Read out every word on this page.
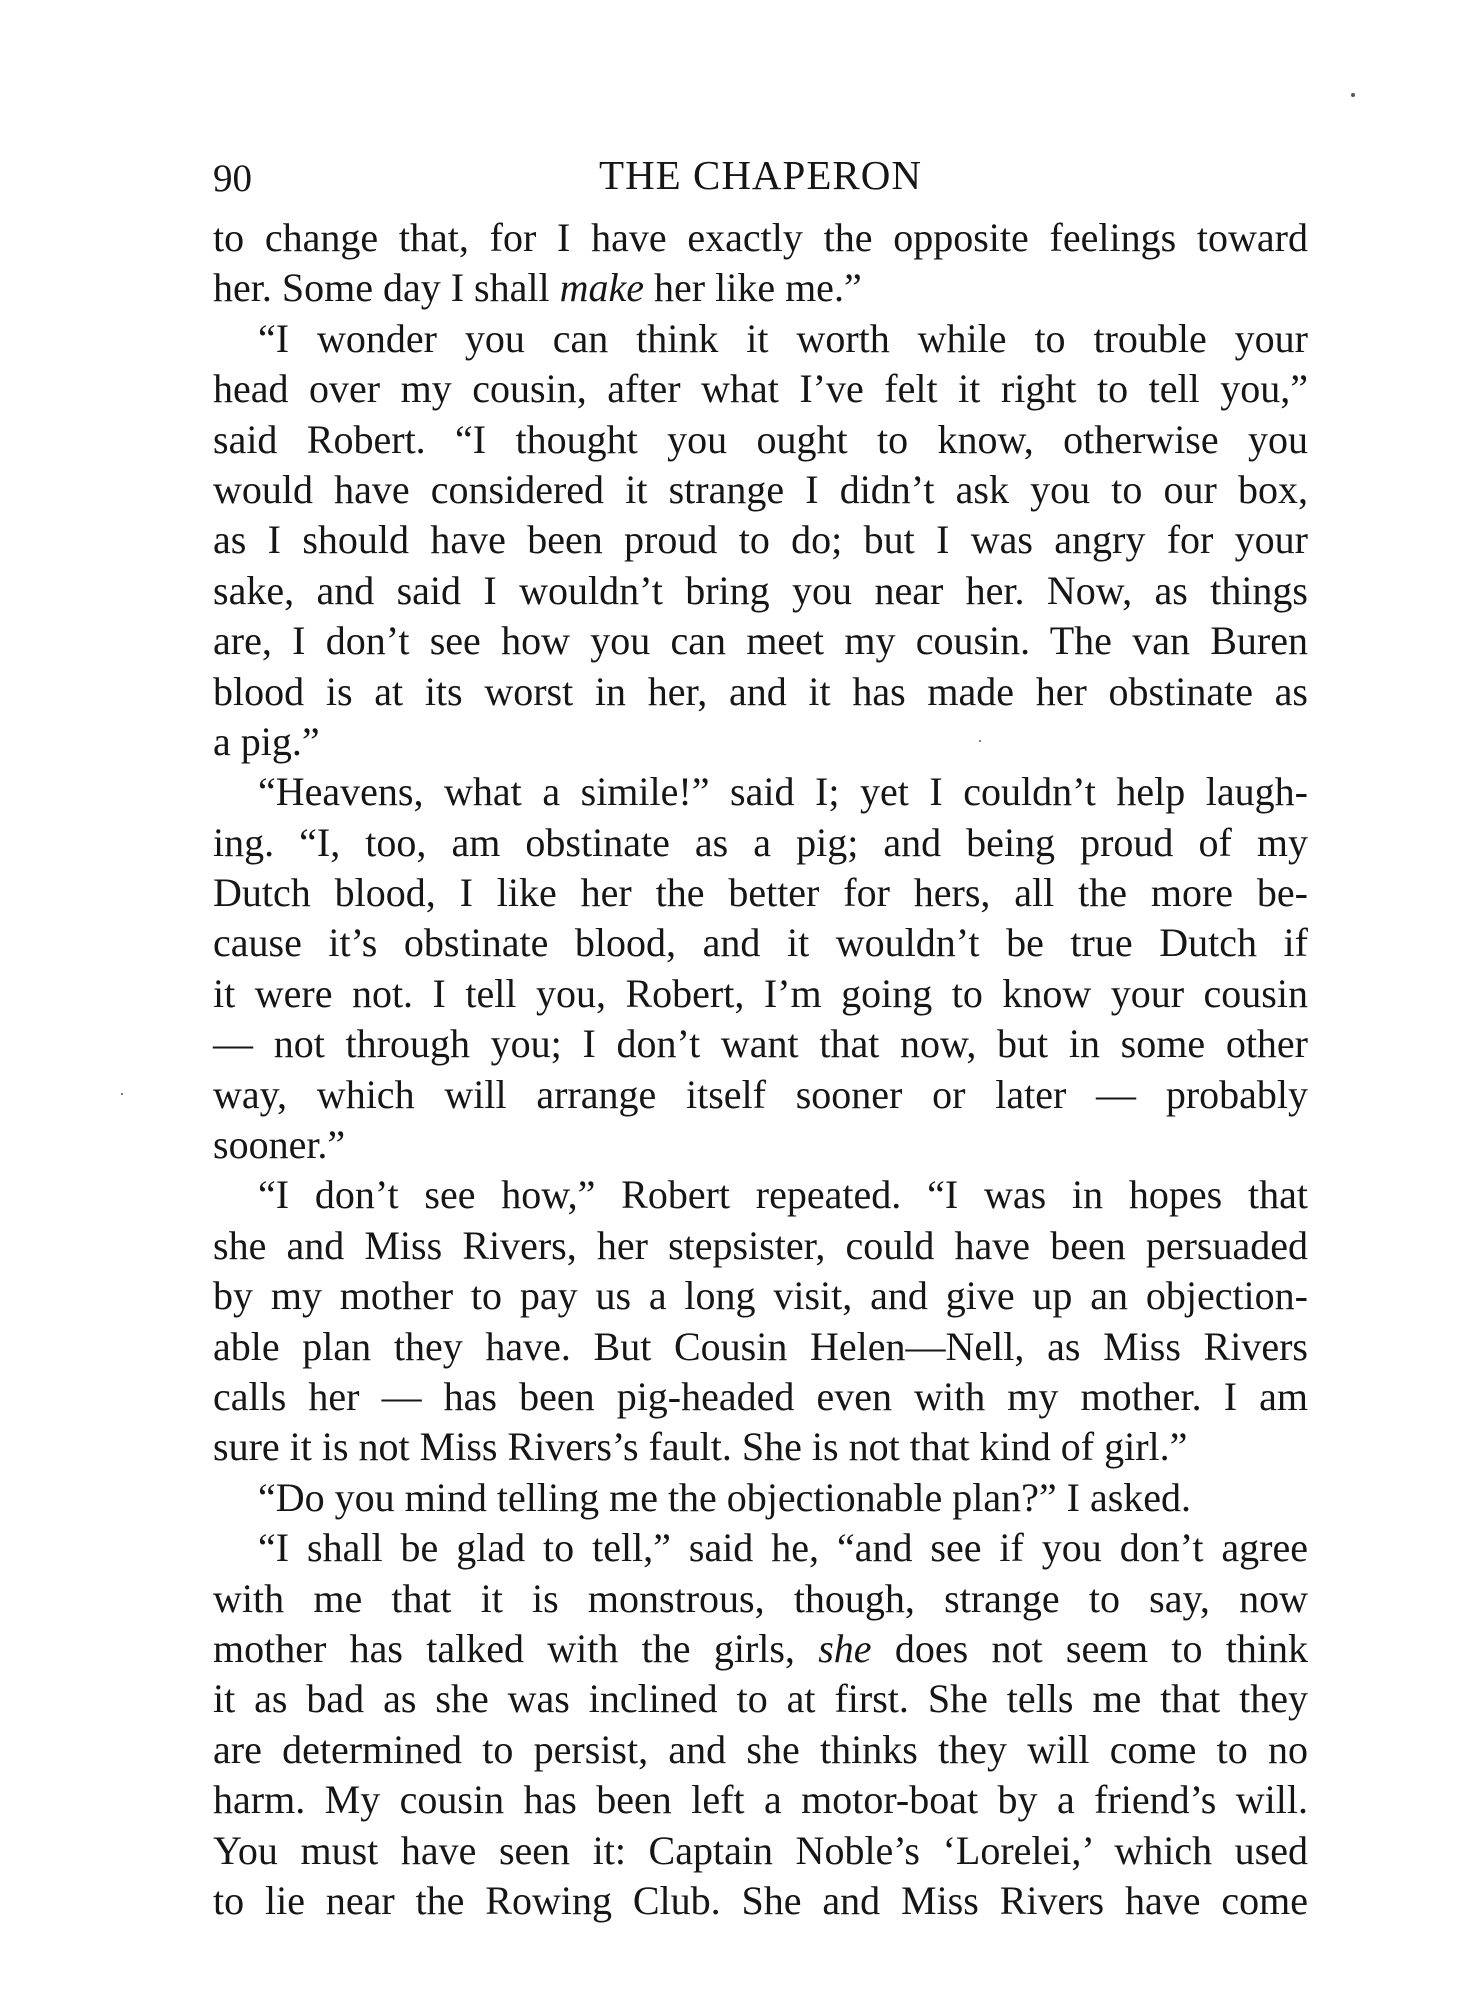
90	THE CHAPERON
to change that, for I have exactly the opposite feelings toward
her. Some day I shall make her like me.”
“I wonder you can think it worth while to trouble your
head over my cousin, after what I’ve felt it right to tell you,”
said Robert. “I thought you ought to know, otherwise you
would have considered it strange I didn’t ask you to our box,
as I should have been proud to do; but I was angry for your
sake, and said I wouldn’t bring you near her. Now, as things
are, I don’t see how you can meet my cousin. The van Buren
blood is at its worst in her, and it has made her obstinate as
a pig.”
“Heavens, what a simile!” said I; yet I couldn’t help laugh-
ing. “I, too, am obstinate as a pig; and being proud of my
Dutch blood, I like her the better for hers, all the more be-
cause it’s obstinate blood, and it wouldn’t be true Dutch if
it were not. I tell you, Robert, I’m going to know your cousin
— not through you; I don’t want that now, but in some other
way, which will arrange itself sooner or later — probably
sooner.”
“I don’t see how,” Robert repeated. “I was in hopes that
she and Miss Rivers, her stepsister, could have been persuaded
by my mother to pay us a long visit, and give up an objection-
able plan they have. But Cousin Helen—Nell, as Miss Rivers
calls her — has been pig-headed even with my mother. I am
sure it is not Miss Rivers’s fault. She is not that kind of girl.”
“Do you mind telling me the objectionable plan?” I asked.
“I shall be glad to tell,” said he, “and see if you don’t agree
with me that it is monstrous, though, strange to say, now
mother has talked with the girls, she does not seem to think
it as bad as she was inclined to at first. She tells me that they
are determined to persist, and she thinks they will come to no
harm. My cousin has been left a motor-boat by a friend’s will.
You must have seen it: Captain Noble’s ‘Lorelei,’ which used
to lie near the Rowing Club. She and Miss Rivers have come
